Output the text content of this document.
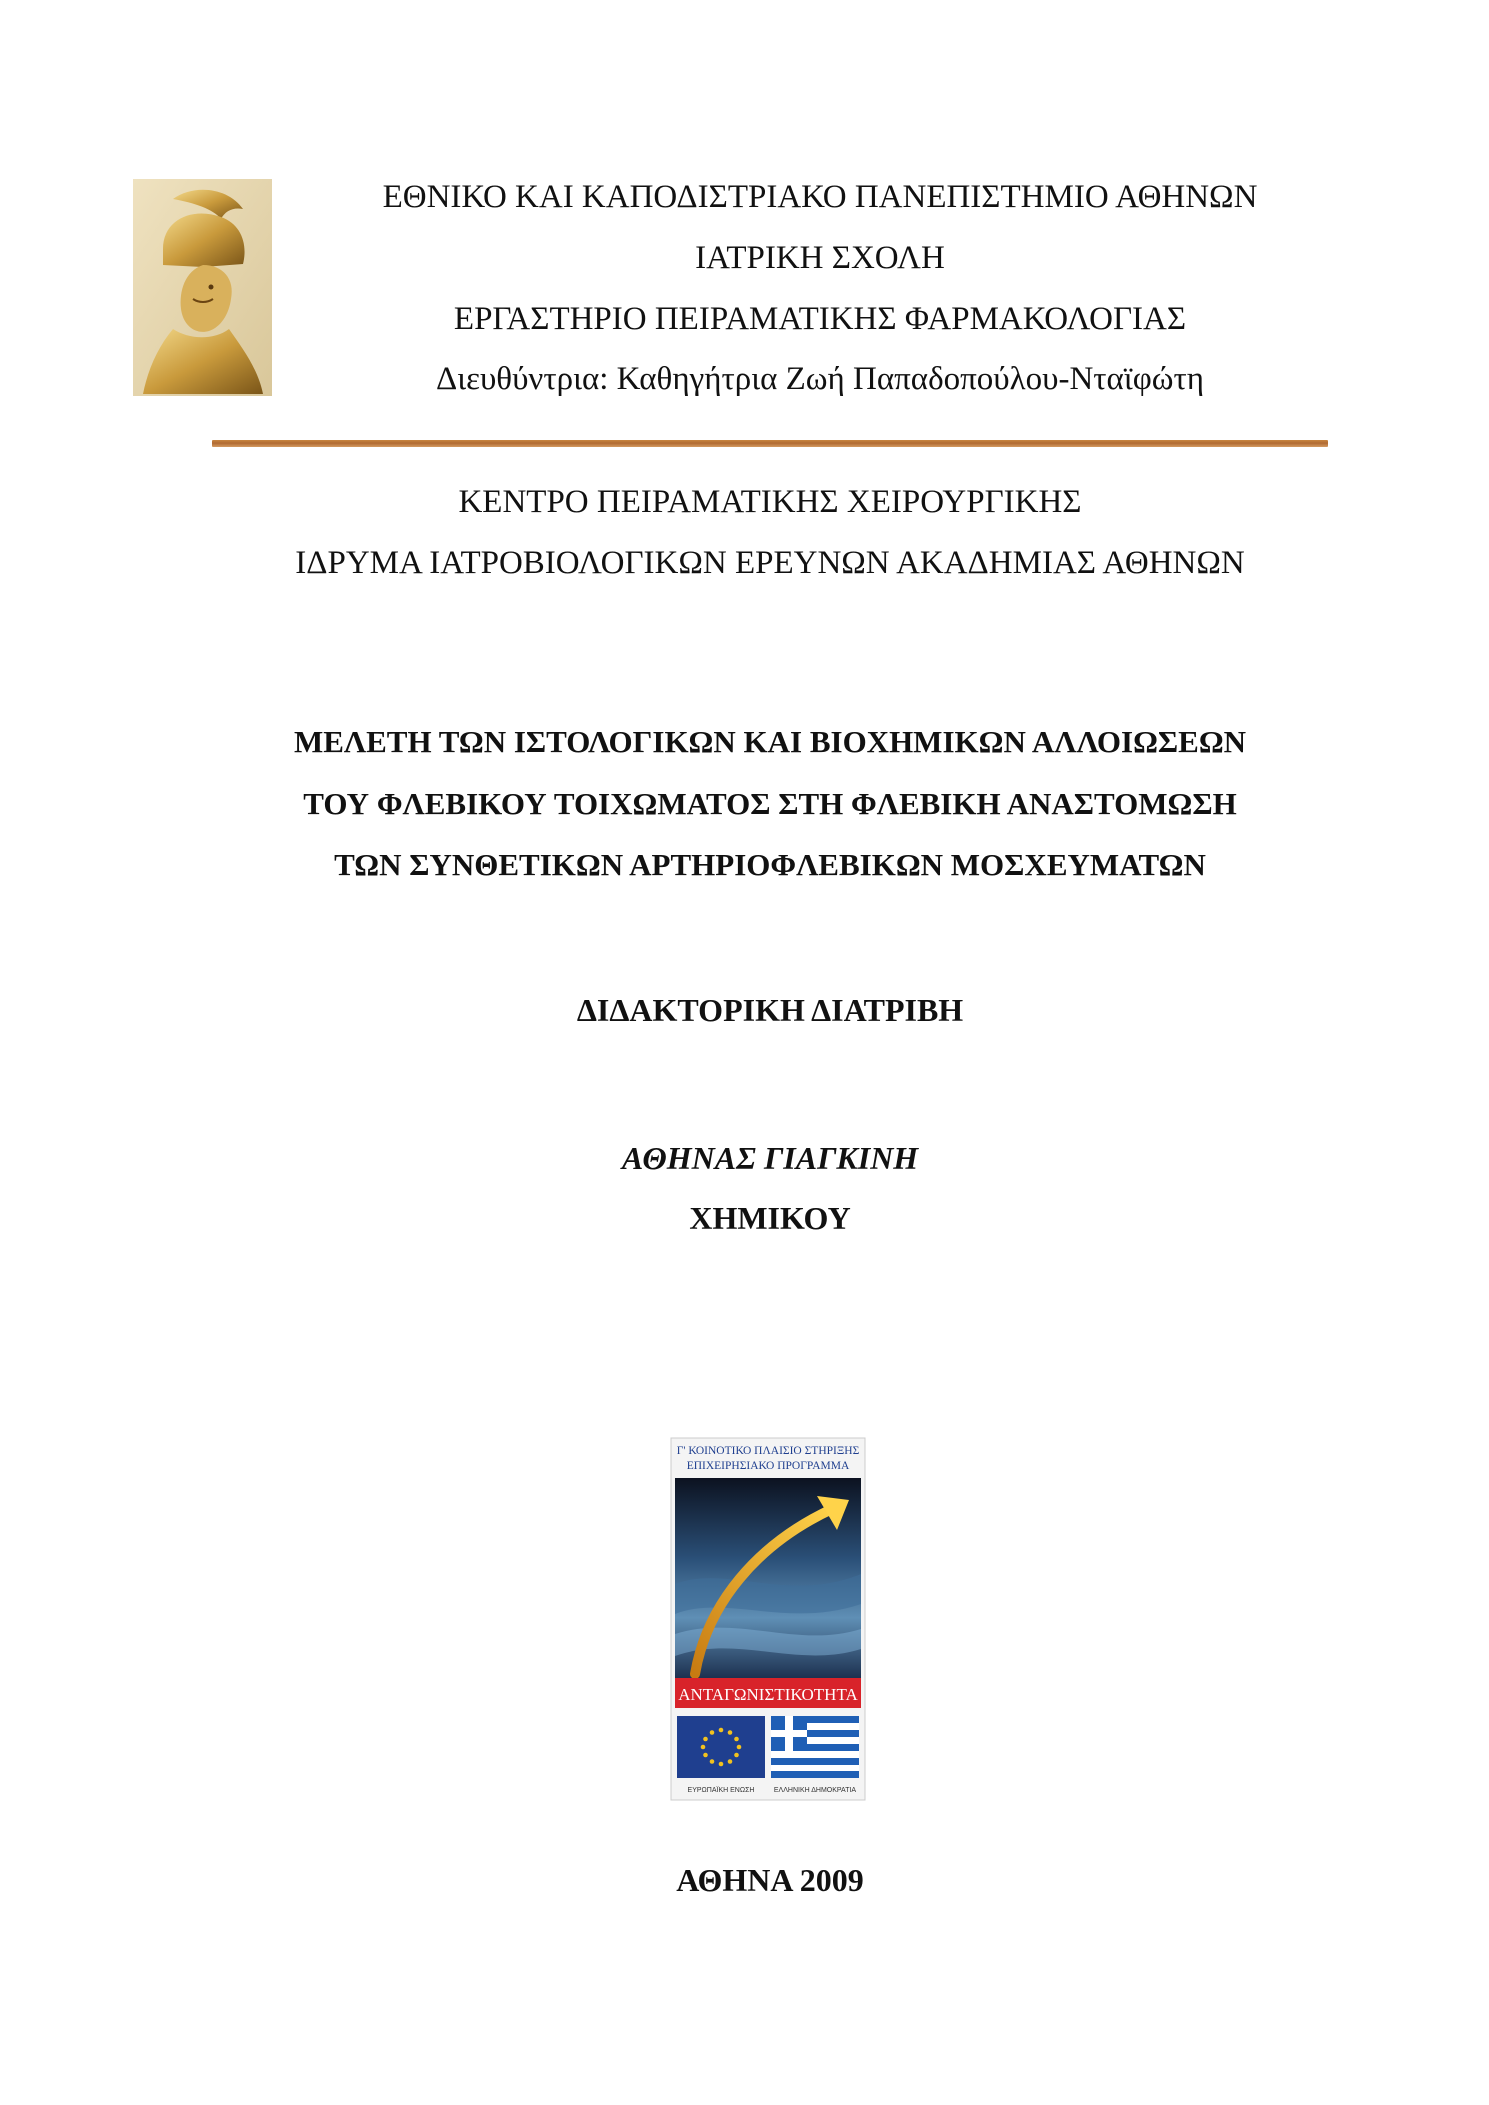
ΕΘΝΙΚΟ ΚΑΙ ΚΑΠΟΔΙΣΤΡΙΑΚΟ ΠΑΝΕΠΙΣΤΗΜΙΟ ΑΘΗΝΩΝ
ΙΑΤΡΙΚΗ ΣΧΟΛΗ
ΕΡΓΑΣΤΗΡΙΟ ΠΕΙΡΑΜΑΤΙΚΗΣ ΦΑΡΜΑΚΟΛΟΓΙΑΣ
Διευθύντρια: Καθηγήτρια Ζωή Παπαδοπούλου-Νταϊφώτη
ΚΕΝΤΡΟ ΠΕΙΡΑΜΑΤΙΚΗΣ ΧΕΙΡΟΥΡΓΙΚΗΣ
ΙΔΡΥΜΑ ΙΑΤΡΟΒΙΟΛΟΓΙΚΩΝ ΕΡΕΥΝΩΝ ΑΚΑΔΗΜΙΑΣ ΑΘΗΝΩΝ
ΜΕΛΕΤΗ ΤΩΝ ΙΣΤΟΛΟΓΙΚΩΝ ΚΑΙ ΒΙΟΧΗΜΙΚΩΝ ΑΛΛΟΙΩΣΕΩΝ
ΤΟΥ ΦΛΕΒΙΚΟΥ ΤΟΙΧΩΜΑΤΟΣ ΣΤΗ ΦΛΕΒΙΚΗ ΑΝΑΣΤΟΜΩΣΗ
ΤΩΝ ΣΥΝΘΕΤΙΚΩΝ ΑΡΤΗΡΙΟΦΛΕΒΙΚΩΝ ΜΟΣΧΕΥΜΑΤΩΝ
ΔΙΔΑΚΤΟΡΙΚΗ ΔΙΑΤΡΙΒΗ
ΑΘΗΝΑΣ ΓΙΑΓΚΙΝΗ
ΧΗΜΙΚΟΥ
Γ' ΚΟΙΝΟΤΙΚΟ ΠΛΑΙΣΙΟ ΣΤΗΡΙΞΗΣ
ΕΠΙΧΕΙΡΗΣΙΑΚΟ ΠΡΟΓΡΑΜΜΑ
ΑΝΤΑΓΩΝΙΣΤΙΚΟΤΗΤΑ
ΕΥΡΩΠΑΪΚΗ ΕΝΩΣΗ	ΕΛΛΗΝΙΚΗ ΔΗΜΟΚΡΑΤΙΑ
ΑΘΗΝΑ 2009
